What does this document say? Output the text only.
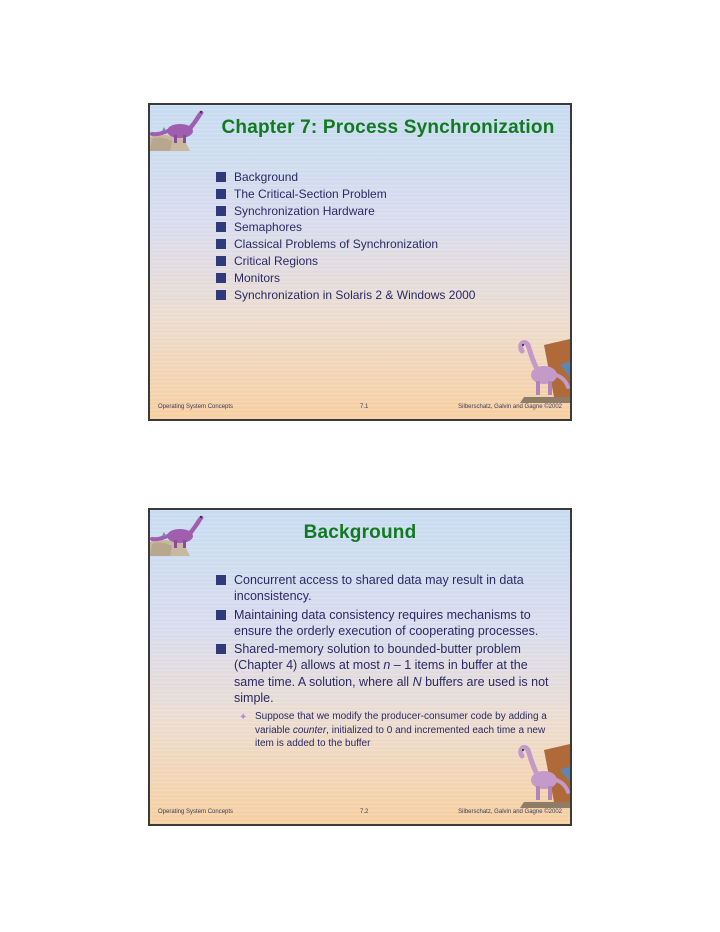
Chapter 7: Process Synchronization
Background
The Critical-Section Problem
Synchronization Hardware
Semaphores
Classical Problems of Synchronization
Critical Regions
Monitors
Synchronization in Solaris 2 & Windows 2000
Operating System Concepts	7.1	Silberschatz, Galvin and Gagne ©2002
Background
Concurrent access to shared data may result in data inconsistency.
Maintaining data consistency requires mechanisms to ensure the orderly execution of cooperating processes.
Shared-memory solution to bounded-butter problem (Chapter 4) allows at most n – 1 items in buffer at the same time. A solution, where all N buffers are used is not simple.
✦ Suppose that we modify the producer-consumer code by adding a variable counter, initialized to 0 and incremented each time a new item is added to the buffer
Operating System Concepts	7.2	Silberschatz, Galvin and Gagne ©2002
